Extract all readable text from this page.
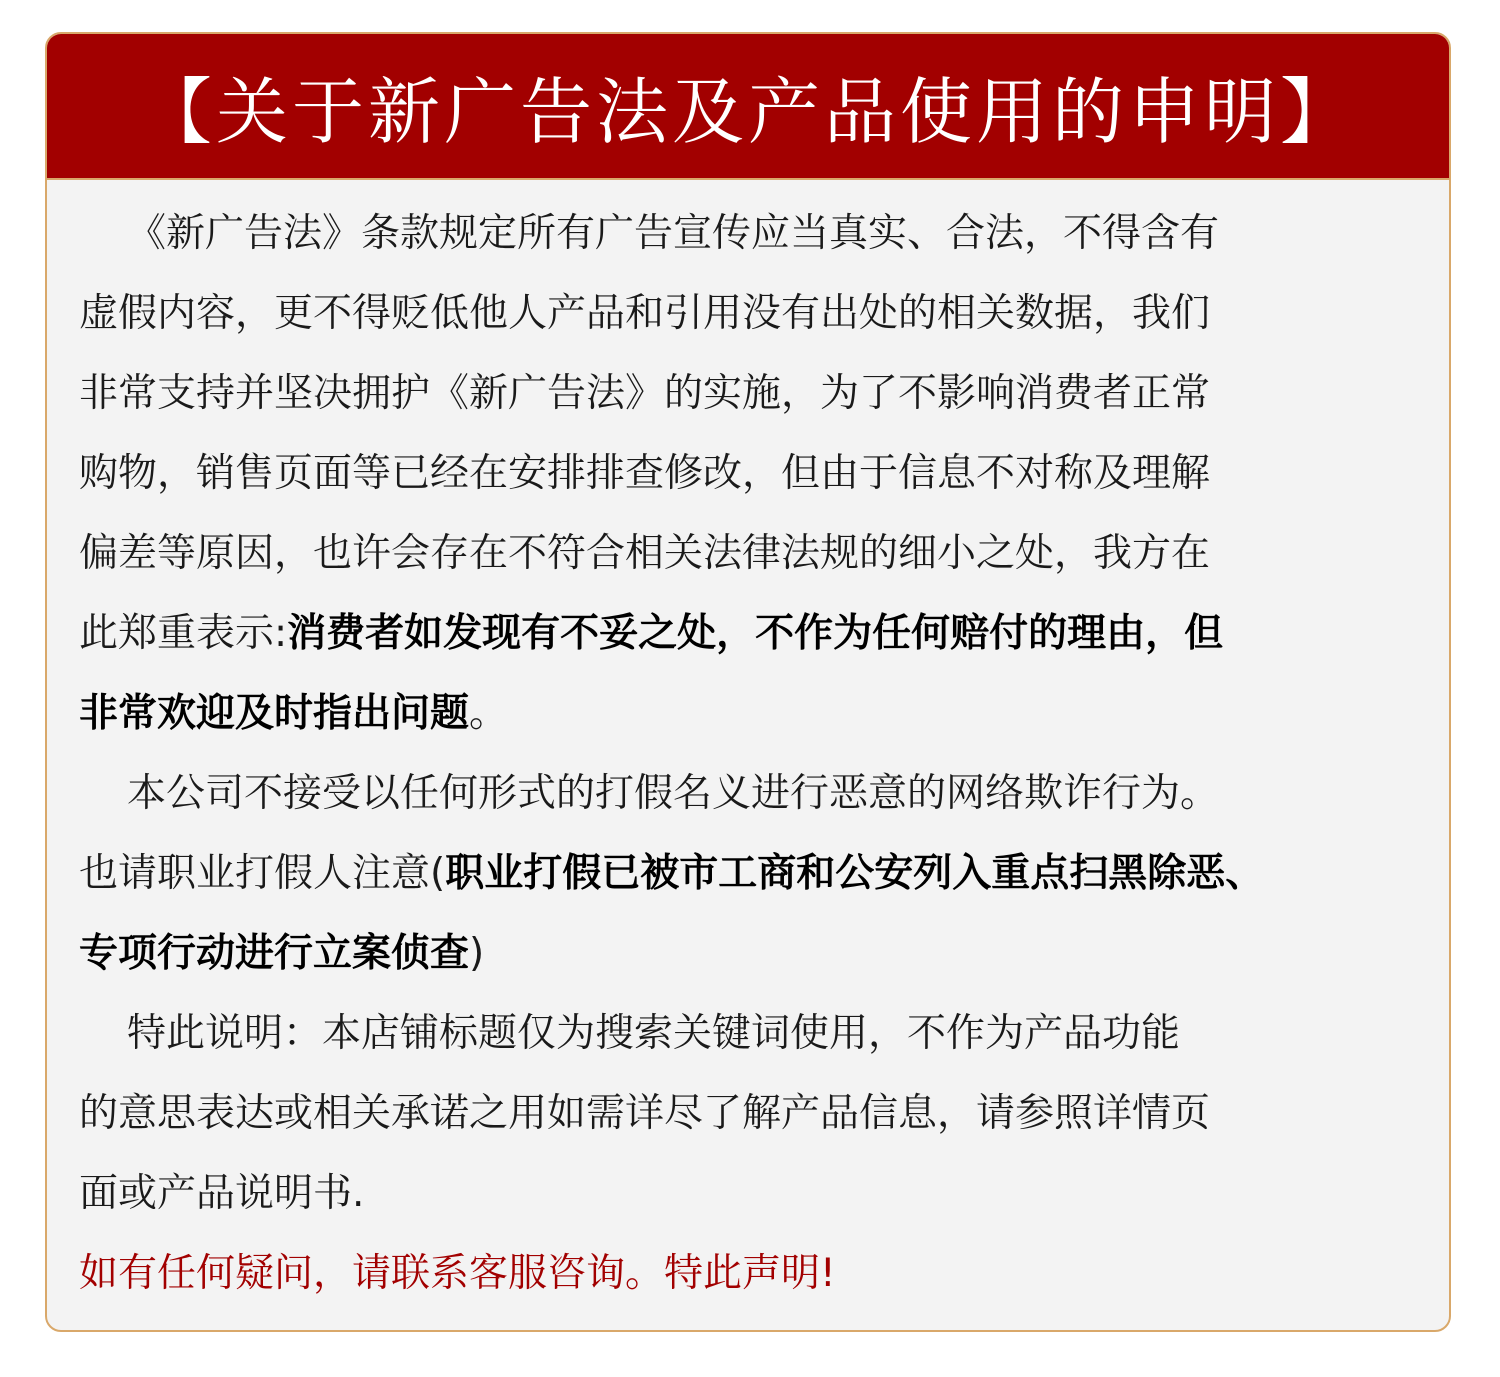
【关于新广告法及产品使用的申明】
《新广告法》条款规定所有广告宣传应当真实、合法，不得含有
虚假内容，更不得贬低他人产品和引用没有出处的相关数据，我们
非常支持并坚决拥护《新广告法》的实施，为了不影响消费者正常
购物，销售页面等已经在安排排查修改，但由于信息不对称及理解
偏差等原因，也许会存在不符合相关法律法规的细小之处，我方在
此郑重表示:消费者如发现有不妥之处，不作为任何赔付的理由，但
非常欢迎及时指出问题。
本公司不接受以任何形式的打假名义进行恶意的网络欺诈行为。
也请职业打假人注意(职业打假已被市工商和公安列入重点扫黑除恶、
专项行动进行立案侦查)
特此说明：本店铺标题仅为搜索关键词使用，不作为产品功能
的意思表达或相关承诺之用如需详尽了解产品信息，请参照详情页
面或产品说明书.
如有任何疑问，请联系客服咨询。特此声明!
